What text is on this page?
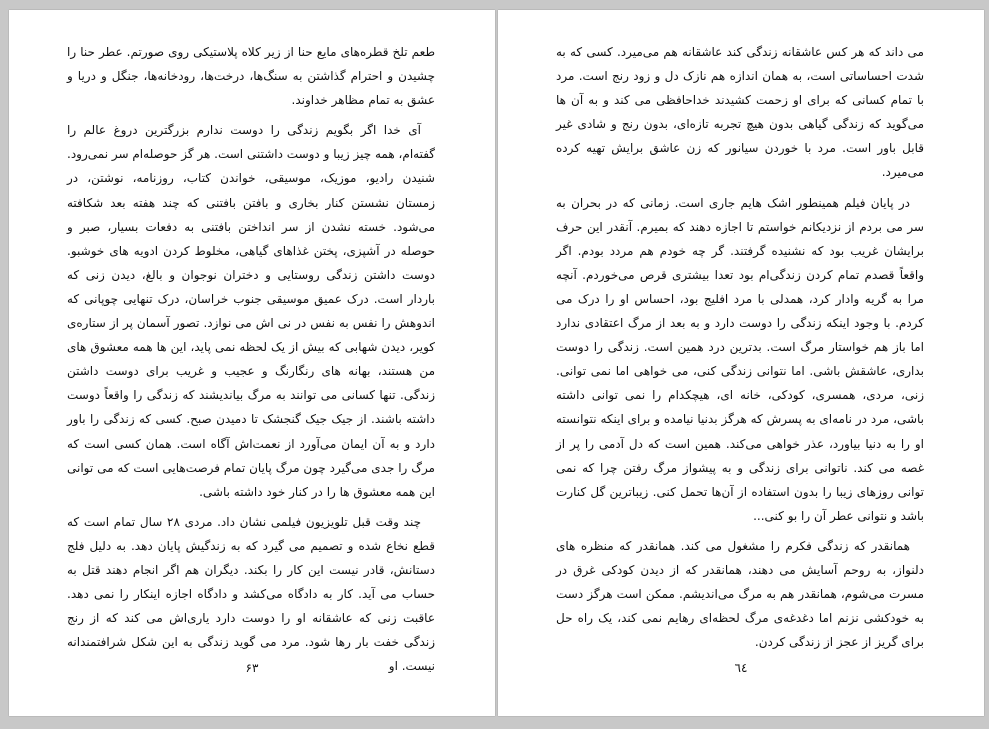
طعم تلخ قطره‌های مایع حنا از زیر کلاه پلاستیکی روی صورتم. عطر حنا را چشیدن و احترام گذاشتن به سنگ‌ها، درخت‌ها، رودخانه‌ها، جنگل و دریا و عشق به تمام مظاهر خداوند.

آی خدا اگر بگویم زندگی را دوست ندارم بزرگترین دروغ عالم را گفته‌ام، همه چیز زیبا و دوست داشتنی است. هر گز حوصله‌ام سر نمی‌رود. شنیدن رادیو، موزیک، موسیقی، خواندن کتاب، روزنامه، نوشتن، در زمستان نشستن کنار بخاری و بافتن بافتنی که چند هفته بعد شکافته می‌شود. خسته نشدن از سر انداختن بافتنی به دفعات بسیار، صبر و حوصله در آشپزی، پختن غذاهای گیاهی، مخلوط کردن ادویه های خوشبو. دوست داشتن زندگی روستایی و دختران نوجوان و بالغ، دیدن زنی که باردار است. درک عمیق موسیقی جنوب خراسان، درک تنهایی چوپانی که اندوهش را نفس به نفس در نی‌ اش می‌ نوازد. تصور آسمان پر از ستاره‌ی کویر، دیدن شهابی که بیش از یک لحظه نمی پاید، این ها همه معشوق های من هستند، بهانه های رنگارنگ و عجیب و غریب برای دوست داشتن زندگی. تنها کسانی می توانند به مرگ بیاندیشند که زندگی را واقعاً دوست داشته باشند. از جیک جیک گنجشک تا دمیدن صبح. کسی که زندگی را باور دارد و به آن ایمان می‌آورد از نعمت‌اش آگاه است. همان کسی است که مرگ را جدی می‌گیرد چون مرگ پایان تمام فرصت‌هایی است که می توانی این همه معشوق ها را در کنار خود داشته باشی.

چند وقت قبل تلویزیون فیلمی نشان داد. مردی ۲۸ سال تمام است که قطع نخاع شده و تصمیم می گیرد که به زندگیش پایان دهد. به دلیل فلج دستانش، قادر نیست این کار را بکند. دیگران هم اگر انجام دهند قتل به حساب می آید. کار به دادگاه می‌کشد و دادگاه اجازه اینکار را نمی دهد. عاقبت زنی که عاشقانه او را دوست دارد یاری‌اش می کند که از رنج زندگی خفت بار رها شود. مرد می گوید زندگی به این شکل شرافتمندانه نیست. او

۶۳

می داند که هر کس عاشقانه زندگی کند عاشقانه هم می‌میرد. کسی که به شدت احساساتی است، به همان اندازه هم نازک دل و زود رنج است. مرد با تمام کسانی که برای او زحمت کشیدند خداحافظی می کند و به آن ها می‌گوید که زندگی گیاهی بدون هیچ تجربه تازه‌ای، بدون رنج و شادی غیر قابل باور است. مرد با خوردن سیانور که زن عاشق برایش تهیه کرده می‌میرد.

در پایان فیلم همینطور اشک هایم جاری است. زمانی که در بحران به سر می بردم از نزدیکانم خواستم تا اجازه دهند که بمیرم. آنقدر این حرف برایشان غریب بود که نشنیده گرفتند. گر چه خودم هم مردد بودم. اگر واقعاً قصدم تمام کردن زندگی‌ام بود تعدا بیشتری قرص می‌خوردم. آنچه مرا به گریه وادار کرد، همدلی با مرد افلیج بود، احساس او را درک می کردم. با وجود اینکه زندگی را دوست دارد و به بعد از مرگ اعتقادی ندارد اما باز هم خواستار مرگ است. بدترین درد همین است. زندگی را دوست بداری، عاشقش باشی. اما نتوانی زندگی کنی، می خواهی اما نمی توانی. زنی، مردی، همسری، کودکی، خانه ای، هیچکدام را نمی توانی داشته باشی، مرد در نامه‌ای به پسرش که هرگز بدنیا نیامده و برای اینکه نتوانسته او را به دنیا بیاورد، عذر خواهی می‌کند. همین است که دل آدمی را پر از غصه می کند. ناتوانی برای زندگی و به پیشواز مرگ رفتن چرا که نمی توانی روزهای زیبا را بدون استفاده از آن‌ها تحمل کنی. زیباترین گل کنارت باشد و نتوانی عطر آن را بو کنی...

همانقدر که زندگی فکرم را مشغول می کند. همانقدر که منظره های دلنواز، به روحم آسایش می‌ دهند، همانقدر که از دیدن کودکی غرق در مسرت می‌شوم، همانقدر هم به مرگ می‌اندیشم. ممکن است هرگز دست به خودکشی نزنم اما دغدغه‌ی مرگ لحظه‌ای رهایم نمی کند، یک راه حل برای گریز از عجز از زندگی کردن.

٦٤
